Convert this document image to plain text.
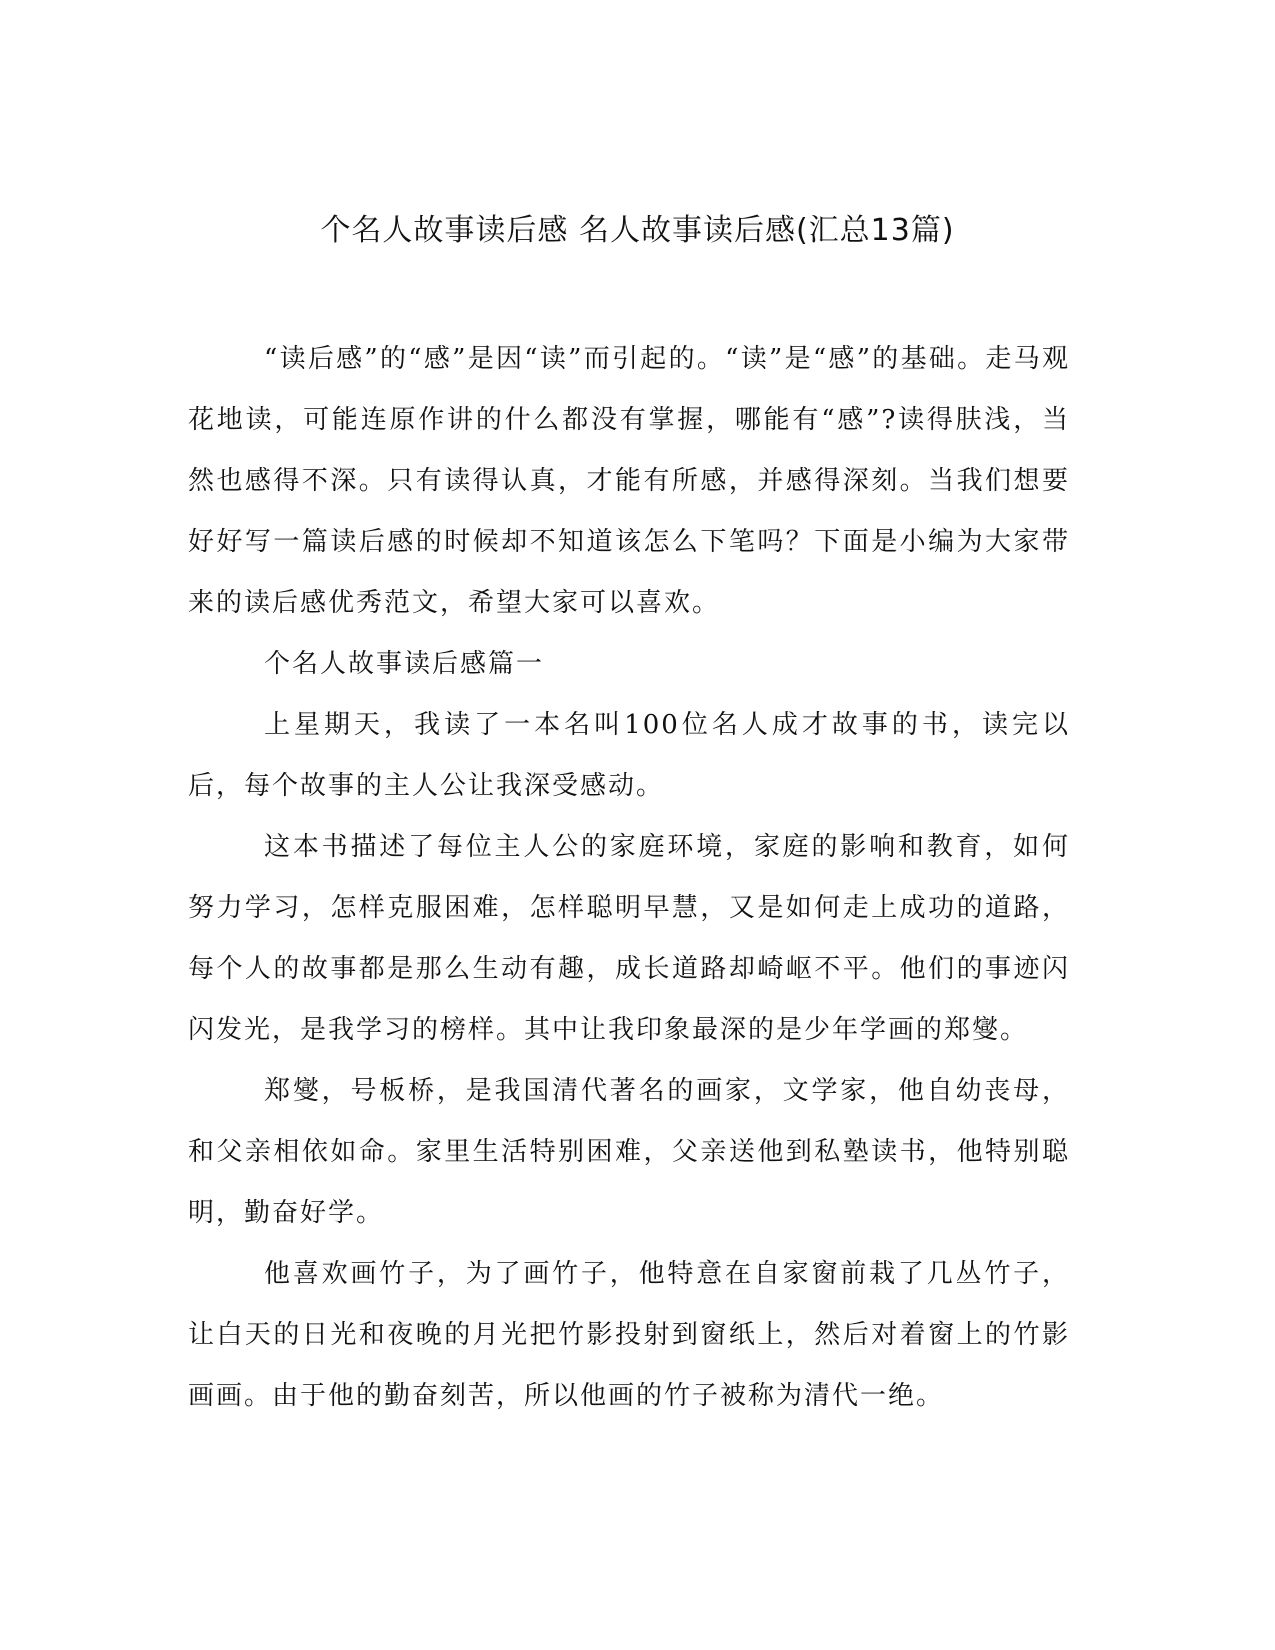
个名人故事读后感 名人故事读后感(汇总13篇)

“读后感”的“感”是因“读”而引起的。“读”是“感”的基础。走马观花地读，可能连原作讲的什么都没有掌握，哪能有“感”?读得肤浅，当然也感得不深。只有读得认真，才能有所感，并感得深刻。当我们想要好好写一篇读后感的时候却不知道该怎么下笔吗？下面是小编为大家带来的读后感优秀范文，希望大家可以喜欢。

个名人故事读后感篇一

上星期天，我读了一本名叫100位名人成才故事的书，读完以后，每个故事的主人公让我深受感动。

这本书描述了每位主人公的家庭环境，家庭的影响和教育，如何努力学习，怎样克服困难，怎样聪明早慧，又是如何走上成功的道路，每个人的故事都是那么生动有趣，成长道路却崎岖不平。他们的事迹闪闪发光，是我学习的榜样。其中让我印象最深的是少年学画的郑燮。

郑燮，号板桥，是我国清代著名的画家，文学家，他自幼丧母，和父亲相依如命。家里生活特别困难，父亲送他到私塾读书，他特别聪明，勤奋好学。

他喜欢画竹子，为了画竹子，他特意在自家窗前栽了几丛竹子，让白天的日光和夜晚的月光把竹影投射到窗纸上，然后对着窗上的竹影画画。由于他的勤奋刻苦，所以他画的竹子被称为清代一绝。
